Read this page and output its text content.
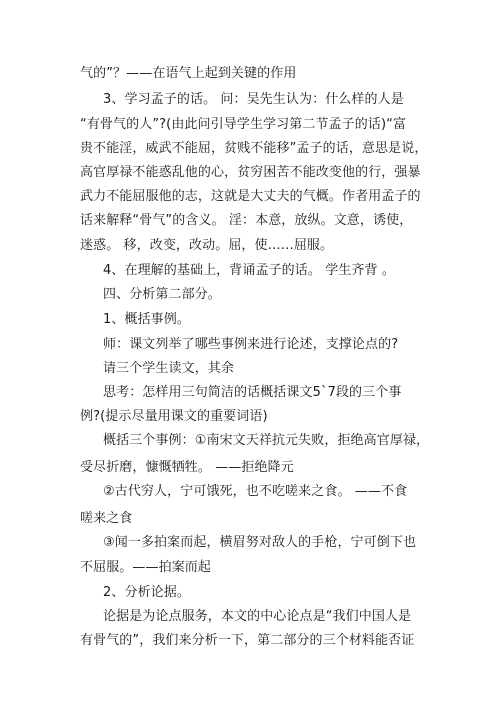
气的”？——在语气上起到关键的作用
3、学习孟子的话。 问：吴先生认为：什么样的人是
“有骨气的人”?(由此问引导学生学习第二节孟子的话)“富
贵不能淫，威武不能屈，贫贱不能移”孟子的话，意思是说，
高官厚禄不能惑乱他的心，贫穷困苦不能改变他的行，强暴
武力不能屈服他的志，这就是大丈夫的气概。作者用孟子的
话来解释“骨气”的含义。 淫：本意，放纵。文意，诱使，
迷惑。 移，改变，改动。屈，使……屈服。
4、在理解的基础上，背诵孟子的话。 学生齐背 。
四、分析第二部分。
1、概括事例。
师：课文列举了哪些事例来进行论述，支撑论点的?
请三个学生读文，其余
思考：怎样用三句简洁的话概括课文5`7段的三个事
例?(提示尽量用课文的重要词语)
概括三个事例：①南宋文天祥抗元失败，拒绝高官厚禄，
受尽折磨，慷慨牺牲。 ——拒绝降元
②古代穷人，宁可饿死，也不吃嗟来之食。 ——不食
嗟来之食
③闻一多拍案而起，横眉努对敌人的手枪，宁可倒下也
不屈服。——拍案而起
2、分析论据。
论据是为论点服务，本文的中心论点是“我们中国人是
有骨气的”，我们来分析一下，第二部分的三个材料能否证
